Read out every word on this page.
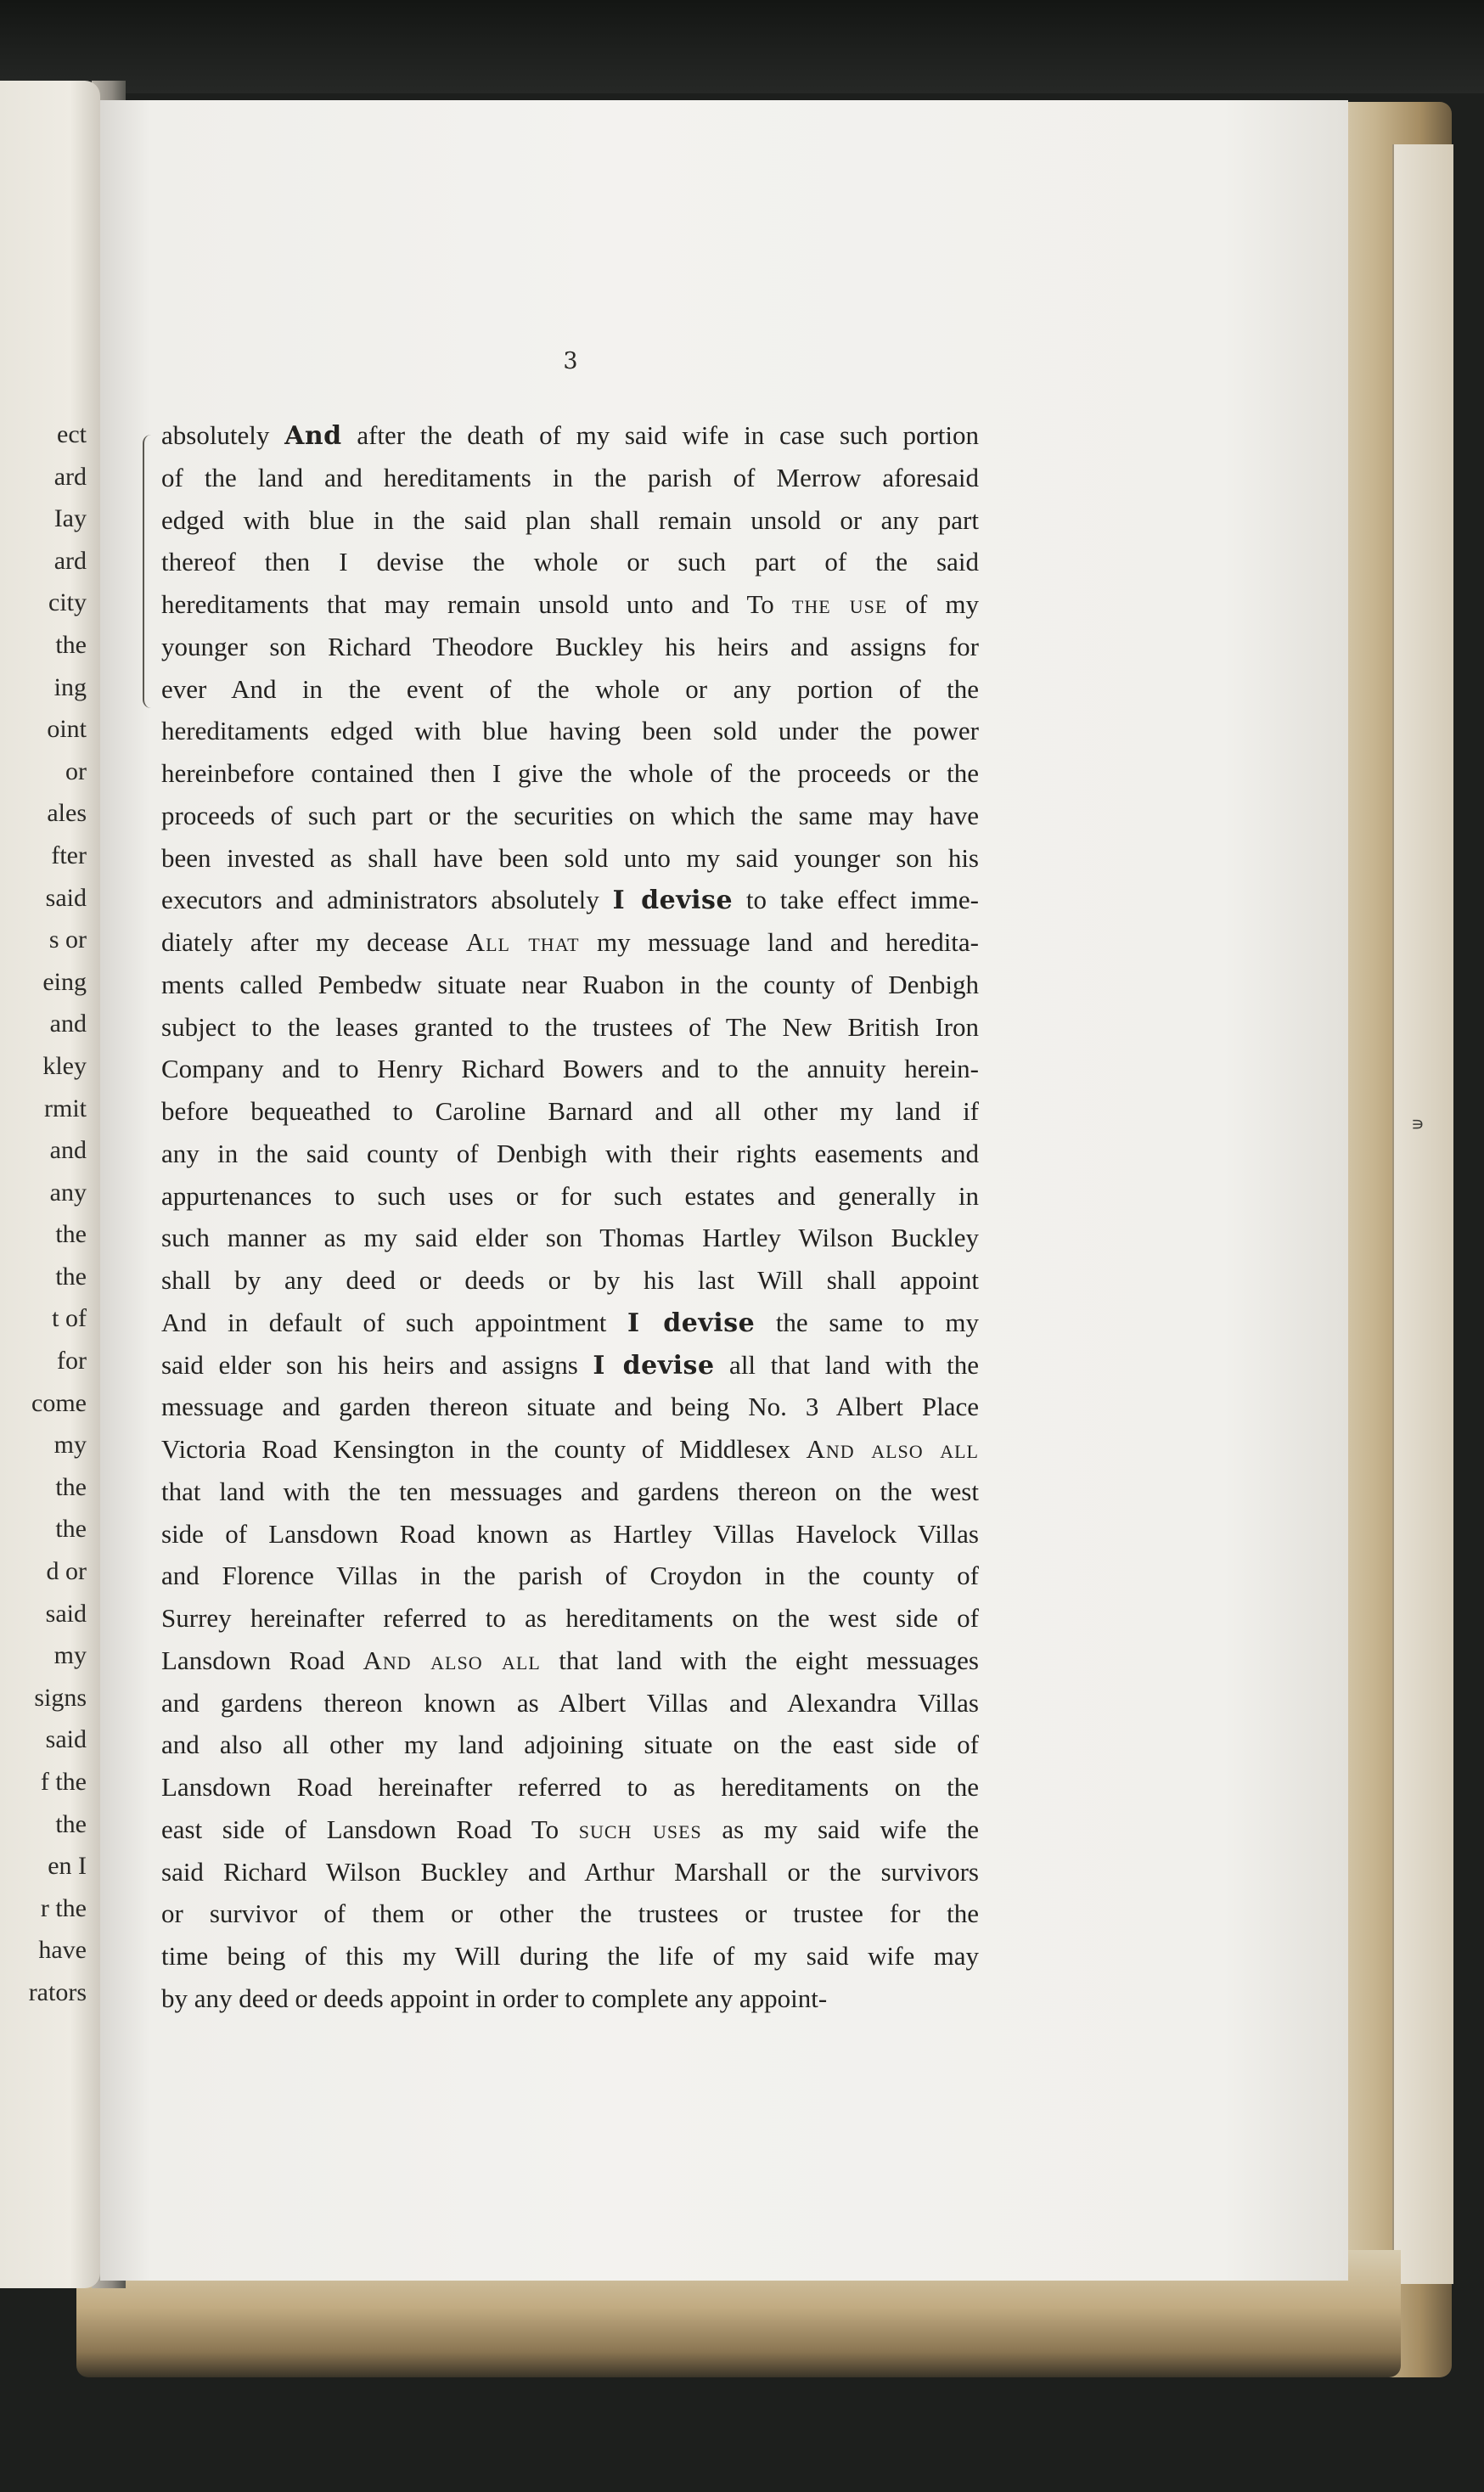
ect
ard
Iay
ard
city
the
ing
oint
or
ales
fter
said
s or
eing
and
kley
rmit
and
any
the
the
t of
for
come
my
the
the
d or
said
my
signs
said
f the
the
en I
r the
have
rators
3
absolutely And after the death of my said wife in case such portion
of the land and hereditaments in the parish of Merrow aforesaid
edged with blue in the said plan shall remain unsold or any part
thereof then I devise the whole or such part of the said
hereditaments that may remain unsold unto and To the use of my
younger son Richard Theodore Buckley his heirs and assigns for
ever And in the event of the whole or any portion of the
hereditaments edged with blue having been sold under the power
hereinbefore contained then I give the whole of the proceeds or the
proceeds of such part or the securities on which the same may have
been invested as shall have been sold unto my said younger son his
executors and administrators absolutely I devise to take effect imme-
diately after my decease All that my messuage land and heredita-
ments called Pembedw situate near Ruabon in the county of Denbigh
subject to the leases granted to the trustees of The New British Iron
Company and to Henry Richard Bowers and to the annuity herein-
before bequeathed to Caroline Barnard and all other my land if
any in the said county of Denbigh with their rights easements and
appurtenances to such uses or for such estates and generally in
such manner as my said elder son Thomas Hartley Wilson Buckley
shall by any deed or deeds or by his last Will shall appoint
And in default of such appointment I devise the same to my
said elder son his heirs and assigns I devise all that land with the
messuage and garden thereon situate and being No. 3 Albert Place
Victoria Road Kensington in the county of Middlesex And also all
that land with the ten messuages and gardens thereon on the west
side of Lansdown Road known as Hartley Villas Havelock Villas
and Florence Villas in the parish of Croydon in the county of
Surrey hereinafter referred to as hereditaments on the west side of
Lansdown Road And also all that land with the eight messuages
and gardens thereon known as Albert Villas and Alexandra Villas
and also all other my land adjoining situate on the east side of
Lansdown Road hereinafter referred to as hereditaments on the
east side of Lansdown Road To such uses as my said wife the
said Richard Wilson Buckley and Arthur Marshall or the survivors
or survivor of them or other the trustees or trustee for the
time being of this my Will during the life of my said wife may
by any deed or deeds appoint in order to complete any appoint-
∍
